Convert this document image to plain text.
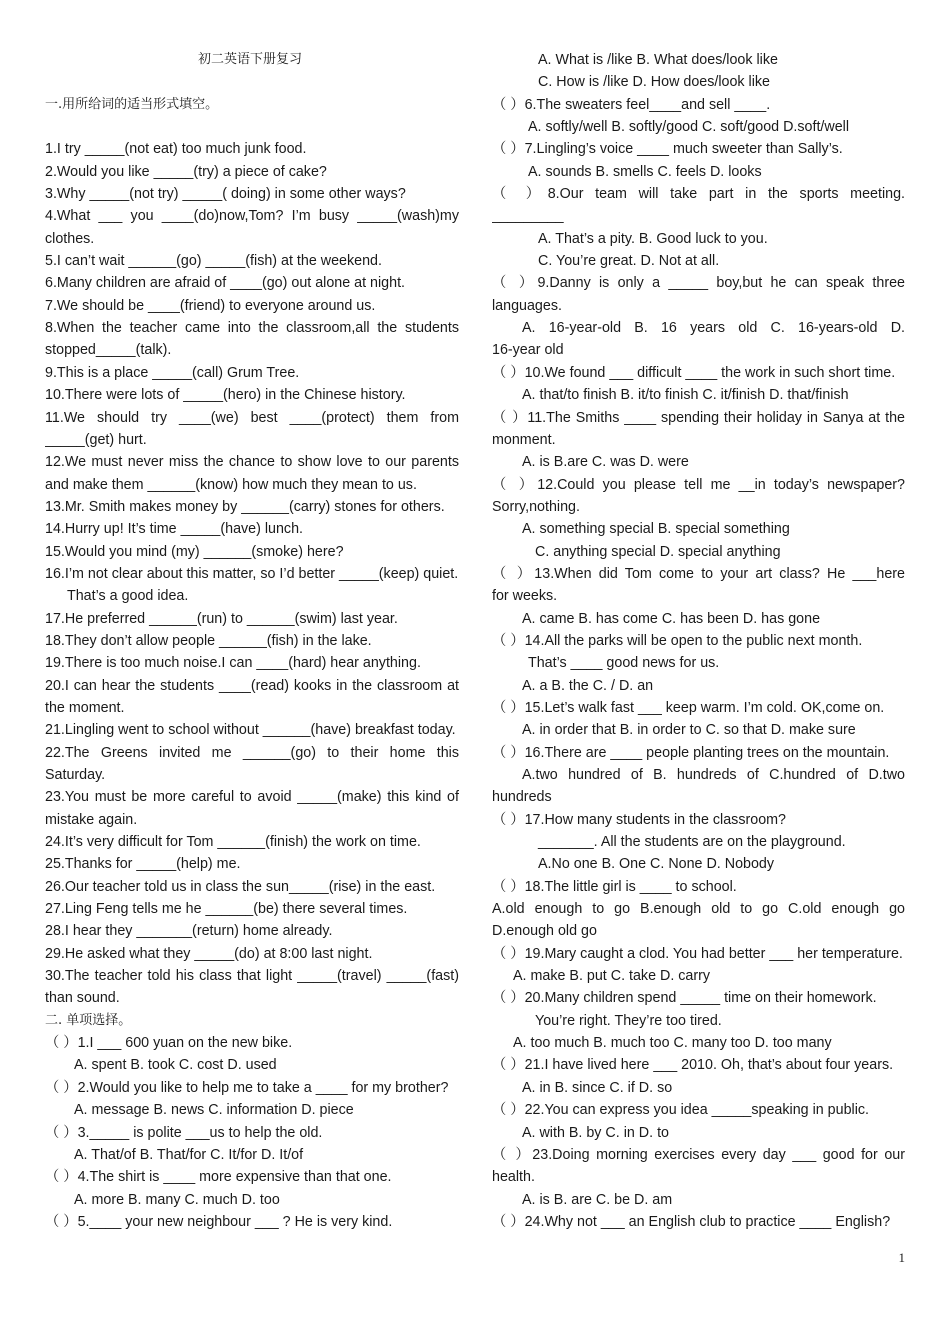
初二英语下册复习
一.用所给词的适当形式填空。
1.I try _____(not eat) too much junk food.
2.Would you like _____(try) a piece of cake?
3.Why _____(not try) _____( doing) in some other ways?
4.What ___ you ____(do)now,Tom? I’m busy _____(wash)my
clothes.
5.I can’t wait ______(go) _____(fish) at the weekend.
6.Many children are afraid of ____(go) out alone at night.
7.We should be ____(friend) to everyone around us.
8.When the teacher came into the classroom,all the students
stopped_____(talk).
9.This is a place _____(call) Grum Tree.
10.There were lots of _____(hero) in the Chinese history.
11.We should try ____(we) best ____(protect) them from
_____(get) hurt.
12.We must never miss the chance to show love to our parents
and make them ______(know) how much they mean to us.
13.Mr. Smith makes money by ______(carry) stones for others.
14.Hurry up! It’s time _____(have) lunch.
15.Would you mind (my) ______(smoke) here?
16.I’m not clear about this matter, so I’d better _____(keep) quiet.
That’s a good idea.
17.He preferred ______(run) to ______(swim) last year.
18.They don’t allow people ______(fish) in the lake.
19.There is too much noise.I can ____(hard) hear anything.
20.I can hear the students ____(read) kooks in the classroom at
the moment.
21.Lingling went to school without ______(have) breakfast today.
22.The Greens invited me ______(go) to their home this
Saturday.
23.You must be more careful to avoid _____(make) this kind of
mistake again.
24.It’s very difficult for Tom ______(finish) the work on time.
25.Thanks for _____(help) me.
26.Our teacher told us in class the sun_____(rise) in the east.
27.Ling Feng tells me he ______(be) there several times.
28.I hear they _______(return) home already.
29.He asked what they _____(do) at 8:00 last night.
30.The teacher told his class that light _____(travel) _____(fast)
than sound.
二. 单项选择。
（ ）1.I ___ 600 yuan on the new bike.
A. spent B. took C. cost D. used
（ ）2.Would you like to help me to take a ____ for my brother?
A. message B. news C. information D. piece
（ ）3._____ is polite ___us to help the old.
A. That/of B. That/for C. It/for D. It/of
（ ）4.The shirt is ____ more expensive than that one.
A. more B. many C. much D. too
（ ）5.____ your new neighbour ___ ? He is very kind.
A. What is /like B. What does/look like
C. How is /like D. How does/look like
（ ）6.The sweaters feel____and sell ____.
A. softly/well B. softly/good C. soft/good D.soft/well
（ ）7.Lingling’s voice ____ much sweeter than Sally’s.
A. sounds B. smells C. feels D. looks
（ ）8.Our team will take part in the sports meeting.
_________
A. That’s a pity. B. Good luck to you.
C. You’re great. D. Not at all.
（ ）9.Danny is only a _____ boy,but he can speak three
languages.
A. 16-year-old B. 16 years old C. 16-years-old D.
16-year old
（ ）10.We found ___ difficult ____ the work in such short time.
A. that/to finish B. it/to finish C. it/finish D. that/finish
（ ）11.The Smiths ____ spending their holiday in Sanya at the
monment.
A. is B.are C. was D. were
（ ）12.Could you please tell me __in today’s newspaper?
Sorry,nothing.
A. something special B. special something
C. anything special D. special anything
（ ）13.When did Tom come to your art class? He ___here
for weeks.
A. came B. has come C. has been D. has gone
（ ）14.All the parks will be open to the public next month.
That’s ____ good news for us.
A. a B. the C. / D. an
（ ）15.Let’s walk fast ___ keep warm. I’m cold. OK,come on.
A. in order that B. in order to C. so that D. make sure
（ ）16.There are ____ people planting trees on the mountain.
A.two hundred of B. hundreds of C.hundred of D.two
hundreds
（ ）17.How many students in the classroom?
_______. All the students are on the playground.
A.No one B. One C. None D. Nobody
（ ）18.The little girl is ____ to school.
A.old enough to go B.enough old to go C.old enough go
D.enough old go
（ ）19.Mary caught a clod. You had better ___ her temperature.
A. make B. put C. take D. carry
（ ）20.Many children spend _____ time on their homework.
You’re right. They’re too tired.
A. too much B. much too C. many too D. too many
（ ）21.I have lived here ___ 2010. Oh, that’s about four years.
A. in B. since C. if D. so
（ ）22.You can express you idea _____speaking in public.
A. with B. by C. in D. to
（ ）23.Doing morning exercises every day ___ good for our
health.
A. is B. are C. be D. am
（ ）24.Why not ___ an English club to practice ____ English?
1
